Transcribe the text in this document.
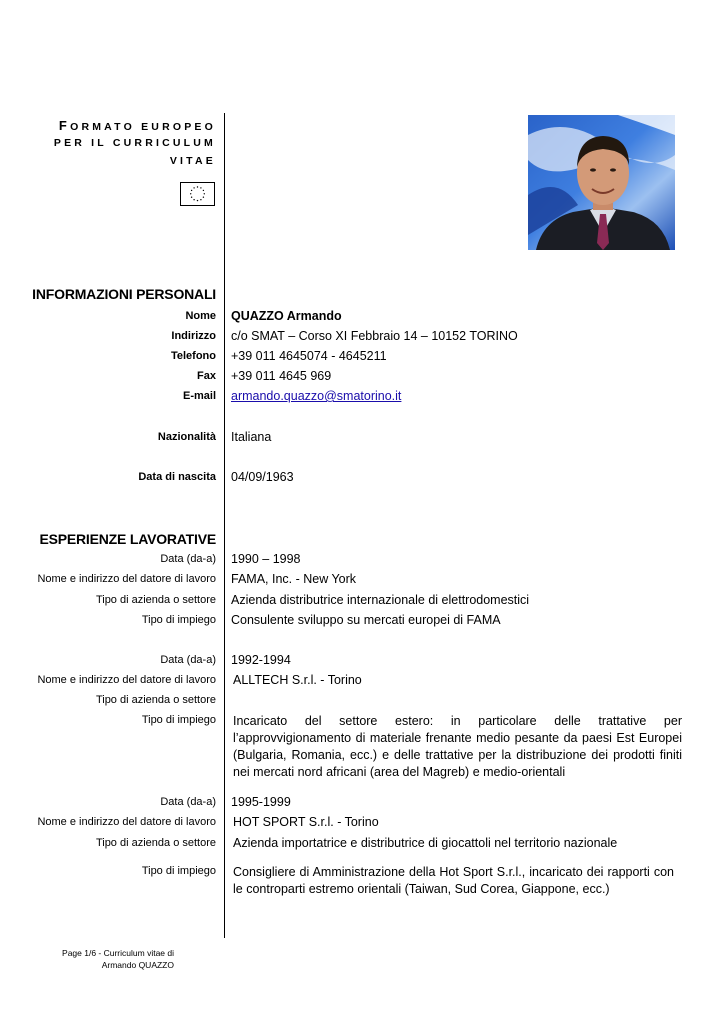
FORMATO EUROPEO
PER IL CURRICULUM
VITAE
INFORMAZIONI PERSONALI
Nome QUAZZO Armando
Indirizzo c/o SMAT – Corso XI Febbraio 14 – 10152 TORINO
Telefono +39 011 4645074 - 4645211
Fax +39 011 4645 969
E-mail armando.quazzo@smatorino.it
Nazionalità Italiana
Data di nascita 04/09/1963
ESPERIENZE LAVORATIVE
Data (da-a) 1990 – 1998
Nome e indirizzo del datore di lavoro FAMA, Inc. - New York
Tipo di azienda o settore Azienda distributrice internazionale di elettrodomestici
Tipo di impiego Consulente sviluppo su mercati europei di FAMA
Data (da-a) 1992-1994
Nome e indirizzo del datore di lavoro ALLTECH S.r.l. - Torino
Tipo di azienda o settore
Tipo di impiego Incaricato del settore estero: in particolare delle trattative per l’approvvigionamento di materiale frenante medio pesante da paesi Est Europei (Bulgaria, Romania, ecc.) e delle trattative per la distribuzione dei prodotti finiti nei mercati nord africani (area del Magreb) e medio-orientali
Data (da-a) 1995-1999
Nome e indirizzo del datore di lavoro HOT SPORT S.r.l. - Torino
Tipo di azienda o settore Azienda importatrice e distributrice di giocattoli nel territorio nazionale
Tipo di impiego Consigliere di Amministrazione della Hot Sport S.r.l., incaricato dei rapporti con le controparti estremo orientali (Taiwan, Sud Corea, Giappone, ecc.)
Page 1/6 - Curriculum vitae di
Armando QUAZZO
